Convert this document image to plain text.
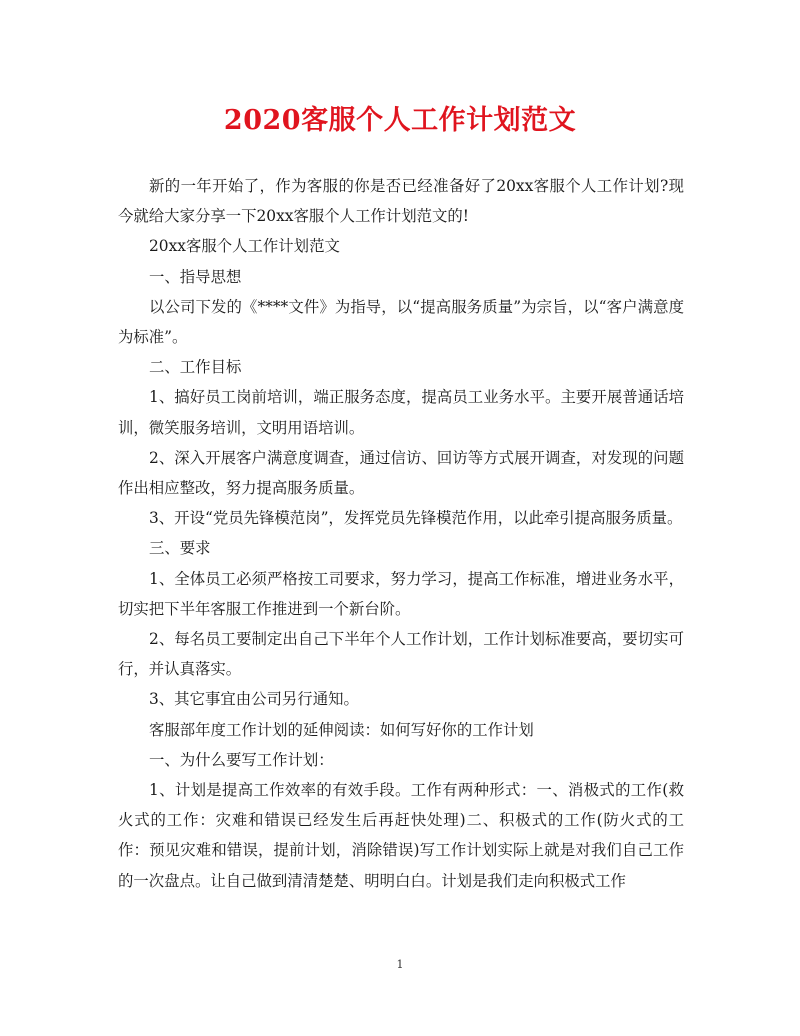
2020客服个人工作计划范文

新的一年开始了，作为客服的你是否已经准备好了20xx客服个人工作计划?现今就给大家分享一下20xx客服个人工作计划范文的!

20xx客服个人工作计划范文

一、指导思想

以公司下发的《****文件》为指导，以“提高服务质量”为宗旨，以“客户满意度为标准”。

二、工作目标

1、搞好员工岗前培训，端正服务态度，提高员工业务水平。主要开展普通话培训，微笑服务培训，文明用语培训。

2、深入开展客户满意度调查，通过信访、回访等方式展开调查，对发现的问题作出相应整改，努力提高服务质量。

3、开设“党员先锋模范岗”，发挥党员先锋模范作用，以此牵引提高服务质量。

三、要求

1、全体员工必须严格按工司要求，努力学习，提高工作标准，增进业务水平，切实把下半年客服工作推进到一个新台阶。

2、每名员工要制定出自己下半年个人工作计划，工作计划标准要高，要切实可行，并认真落实。

3、其它事宜由公司另行通知。

客服部年度工作计划的延伸阅读：如何写好你的工作计划

一、为什么要写工作计划：

1、计划是提高工作效率的有效手段。工作有两种形式：一、消极式的工作(救火式的工作：灾难和错误已经发生后再赶快处理)二、积极式的工作(防火式的工作：预见灾难和错误，提前计划，消除错误)写工作计划实际上就是对我们自己工作的一次盘点。让自己做到清清楚楚、明明白白。计划是我们走向积极式工作

1
